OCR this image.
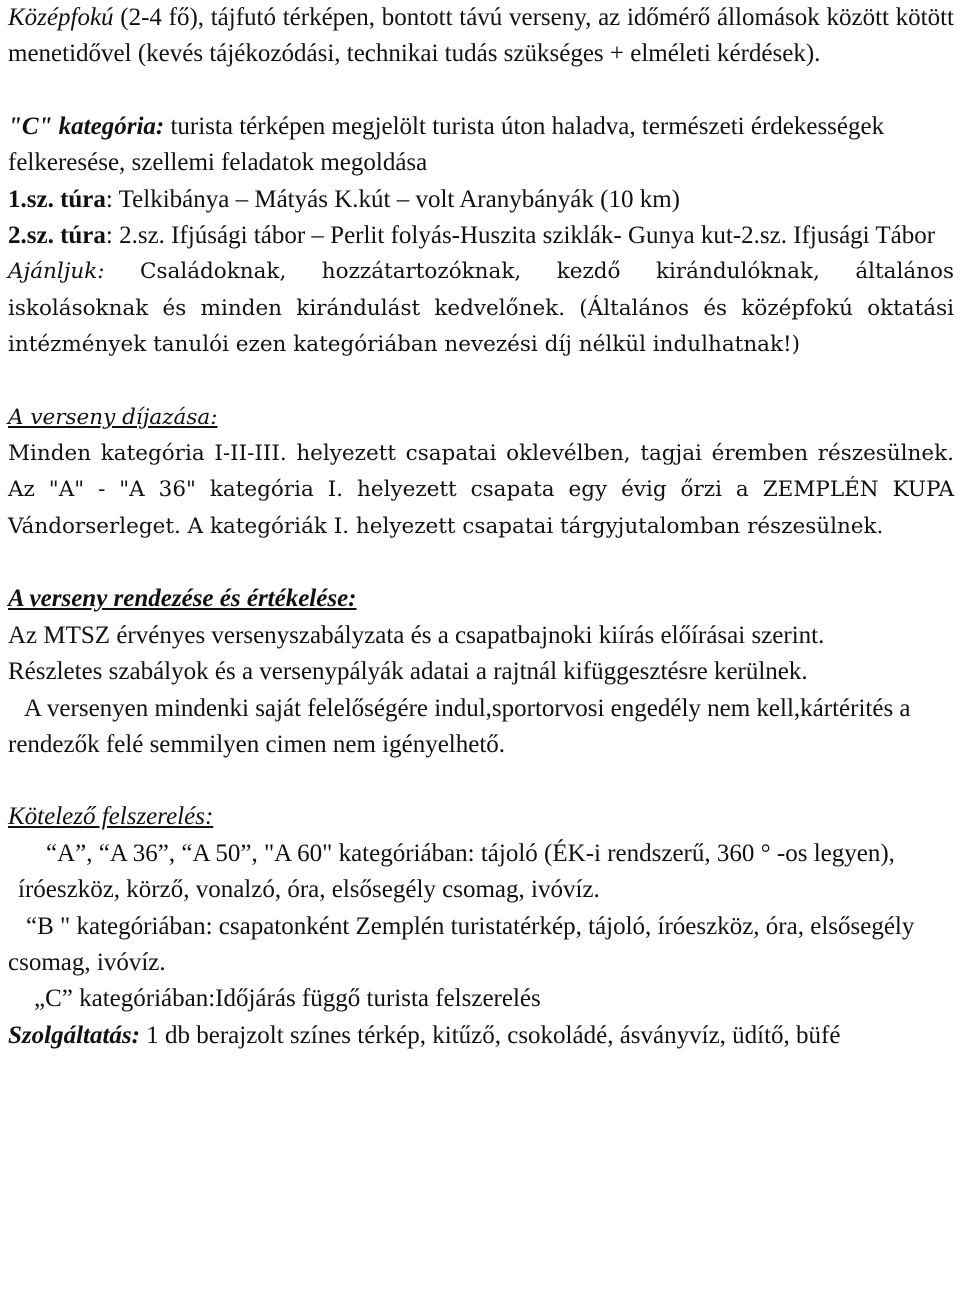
Középfokú (2-4 fő), tájfutó térképen, bontott távú verseny, az időmérő állomások között kötött menetidővel (kevés tájékozódási, technikai tudás szükséges + elméleti kérdések).

"C" kategória: turista térképen megjelölt turista úton haladva, természeti érdekességek felkeresése, szellemi feladatok megoldása

1.sz. túra: Telkibánya – Mátyás K.kút – volt Aranybányák (10 km)

2.sz. túra: 2.sz. Ifjúsági tábor – Perlit folyás-Huszita sziklák- Gunya kut-2.sz. Ifjusági Tábor

Ajánljuk: Családoknak, hozzátartozóknak, kezdő kirándulóknak, általános iskolásoknak és minden kirándulást kedvelőnek. (Általános és középfokú oktatási intézmények tanulói ezen kategóriában nevezési díj nélkül indulhatnak!)

A verseny díjazása:

Minden kategória I-II-III. helyezett csapatai oklevélben, tagjai éremben részesülnek. Az "A" - "A 36" kategória I. helyezett csapata egy évig őrzi a ZEMPLÉN KUPA Vándorserleget. A kategóriák I. helyezett csapatai tárgyjutalomban részesülnek.

A verseny rendezése és értékelése:

Az MTSZ érvényes versenyszabályzata és a csapatbajnoki kiírás előírásai szerint.

Részletes szabályok és a versenypályák adatai a rajtnál kifüggesztésre kerülnek.

A versenyen mindenki saját felelőségére indul,sportorvosi engedély nem kell,kártérités a rendezők felé semmilyen cimen nem igényelhető.

Kötelező felszerelés:

“A”, “A 36”, “A 50”, "A 60" kategóriában: tájoló (ÉK-i rendszerű, 360 ° -os legyen), íróeszköz, körző, vonalzó, óra, elsősegély csomag, ivóvíz.

“B " kategóriában: csapatonként Zemplén turistatérkép, tájoló, íróeszköz, óra, elsősegély csomag, ivóvíz.

„C” kategóriában:Időjárás függő turista felszerelés

Szolgáltatás: 1 db berajzolt színes térkép, kitűző, csokoládé, ásványvíz, üdítő, büfé
